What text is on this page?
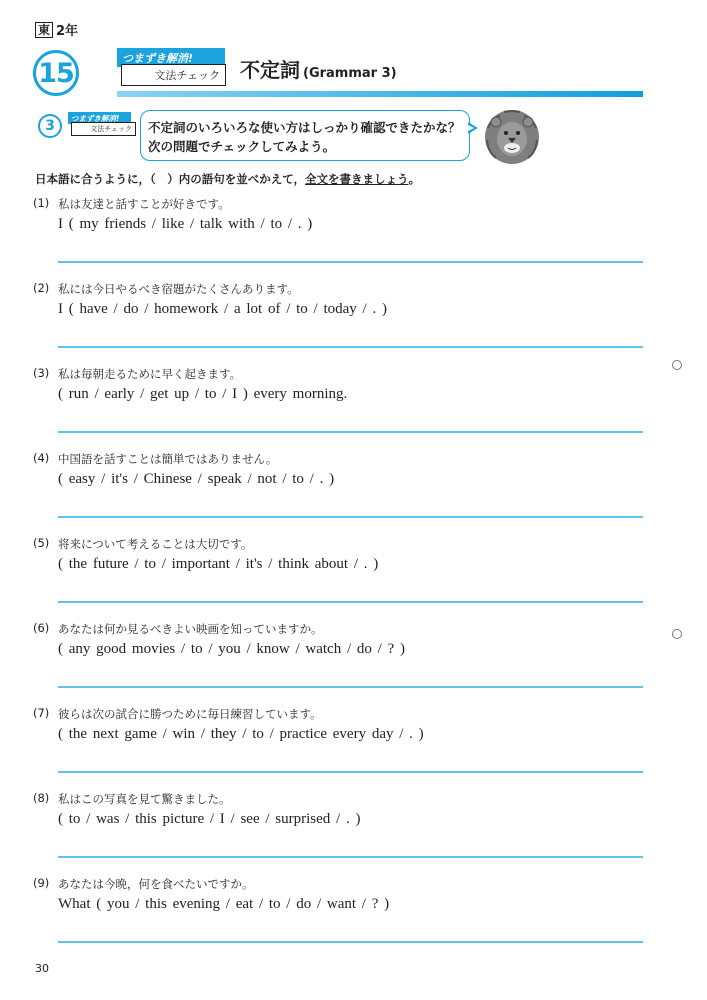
東 2年
15	つまずき解消!
文法チェック	不定詞 (Grammar 3)
3	つまずき解消!
文法チェック	不定詞のいろいろな使い方はしっかり確認できたかな？
次の問題でチェックしてみよう。
日本語に合うように，（　）内の語句を並べかえて，全文を書きましょう。
(1) 私は友達と話すことが好きです。
I ( my friends / like / talk with / to / . )
(2) 私には今日やるべき宿題がたくさんあります。
I ( have / do / homework / a lot of / to / today / . )
(3) 私は毎朝走るために早く起きます。
( run / early / get up / to / I ) every morning.
(4) 中国語を話すことは簡単ではありません。
( easy / it's / Chinese / speak / not / to / . )
(5) 将来について考えることは大切です。
( the future / to / important / it's / think about / . )
(6) あなたは何か見るべきよい映画を知っていますか。
( any good movies / to / you / know / watch / do / ? )
(7) 彼らは次の試合に勝つために毎日練習しています。
( the next game / win / they / to / practice every day / . )
(8) 私はこの写真を見て驚きました。
( to / was / this picture / I / see / surprised / . )
(9) あなたは今晩，何を食べたいですか。
What ( you / this evening / eat / to / do / want / ? )
30
